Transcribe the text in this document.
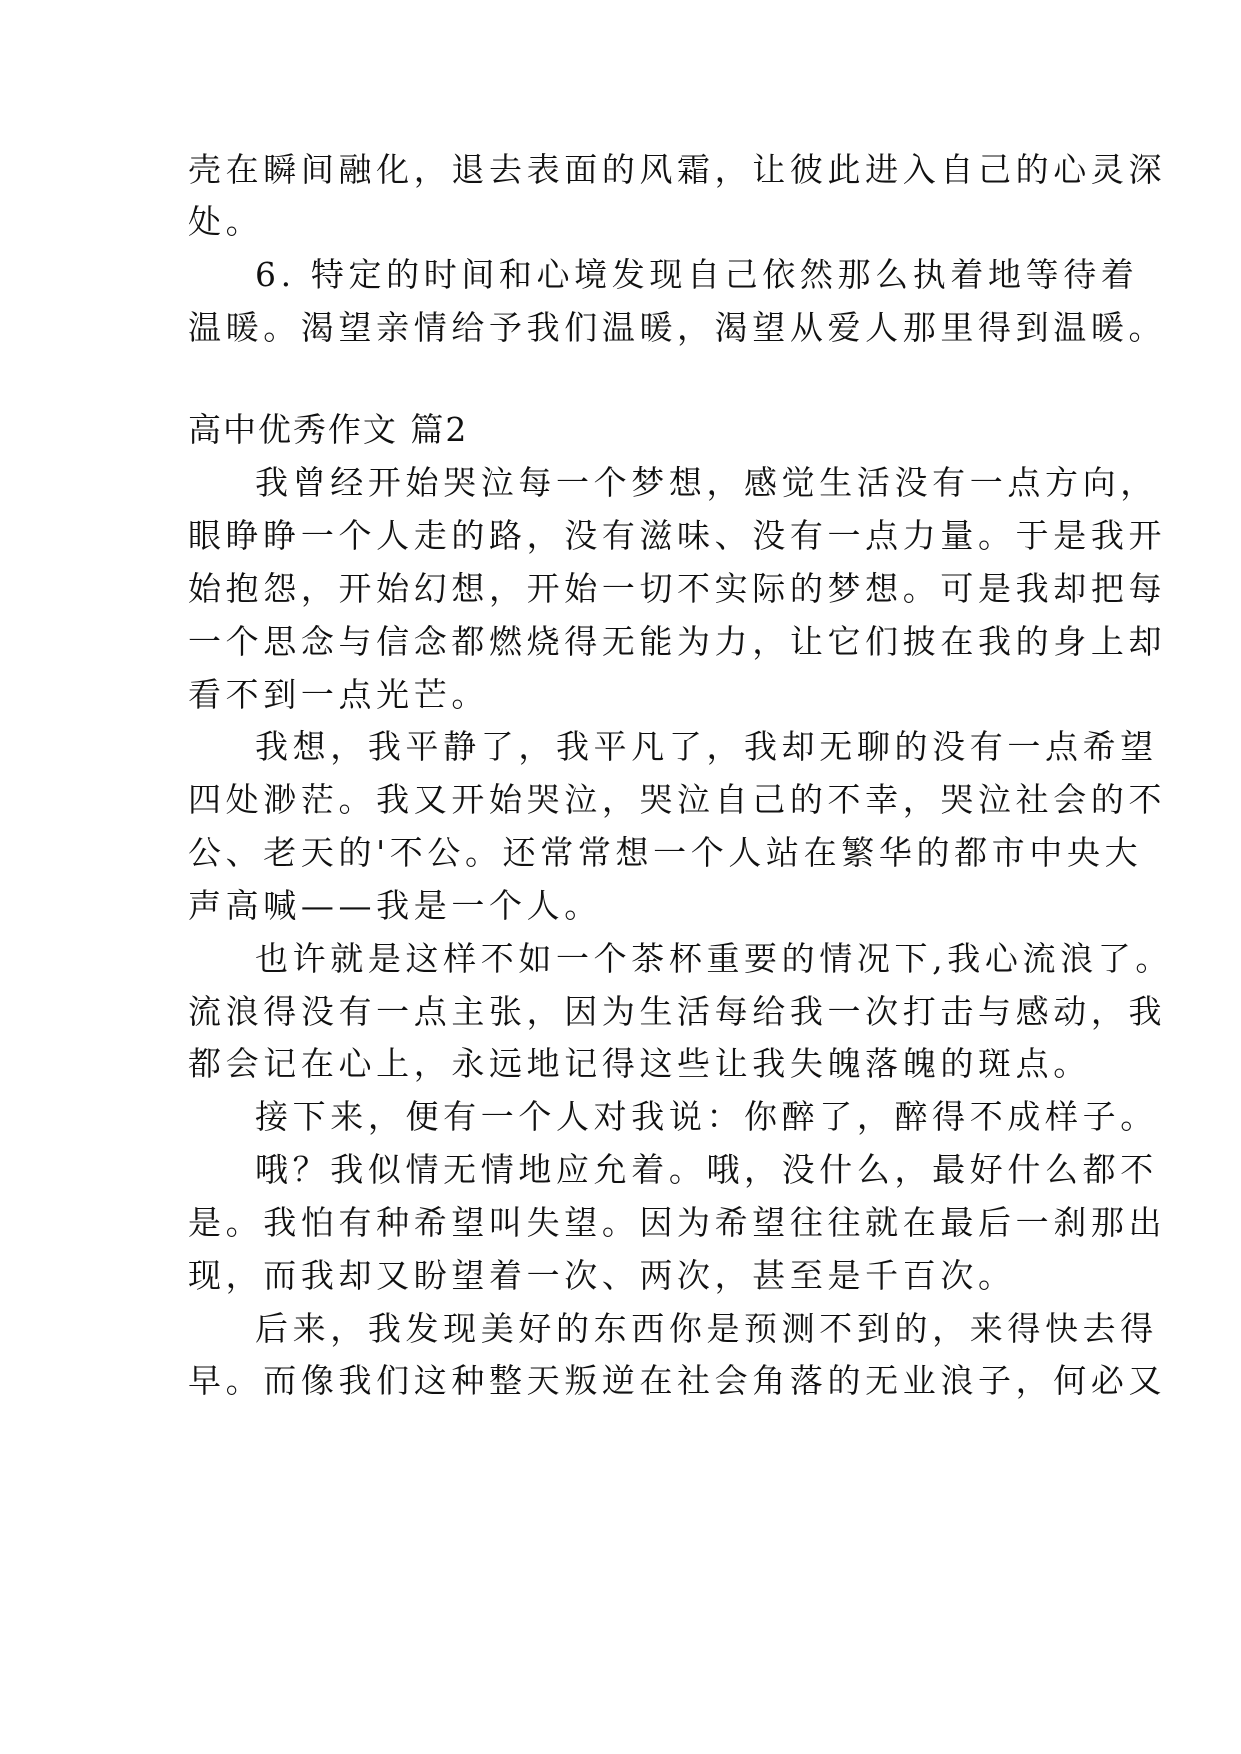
壳在瞬间融化，退去表面的风霜，让彼此进入自己的心灵深

处。

6. 特定的时间和心境发现自己依然那么执着地等待着

温暖。渴望亲情给予我们温暖，渴望从爱人那里得到温暖。

高中优秀作文 篇2

我曾经开始哭泣每一个梦想，感觉生活没有一点方向，

眼睁睁一个人走的路，没有滋味、没有一点力量。于是我开

始抱怨，开始幻想，开始一切不实际的梦想。可是我却把每

一个思念与信念都燃烧得无能为力，让它们披在我的身上却

看不到一点光芒。

我想，我平静了，我平凡了，我却无聊的没有一点希望

四处渺茫。我又开始哭泣，哭泣自己的不幸，哭泣社会的不

公、老天的'不公。还常常想一个人站在繁华的都市中央大

声高喊——我是一个人。

也许就是这样不如一个茶杯重要的情况下,我心流浪了。

流浪得没有一点主张，因为生活每给我一次打击与感动，我

都会记在心上，永远地记得这些让我失魄落魄的斑点。

接下来，便有一个人对我说：你醉了，醉得不成样子。

哦？我似情无情地应允着。哦，没什么，最好什么都不

是。我怕有种希望叫失望。因为希望往往就在最后一刹那出

现，而我却又盼望着一次、两次，甚至是千百次。

后来，我发现美好的东西你是预测不到的，来得快去得

早。而像我们这种整天叛逆在社会角落的无业浪子，何必又
